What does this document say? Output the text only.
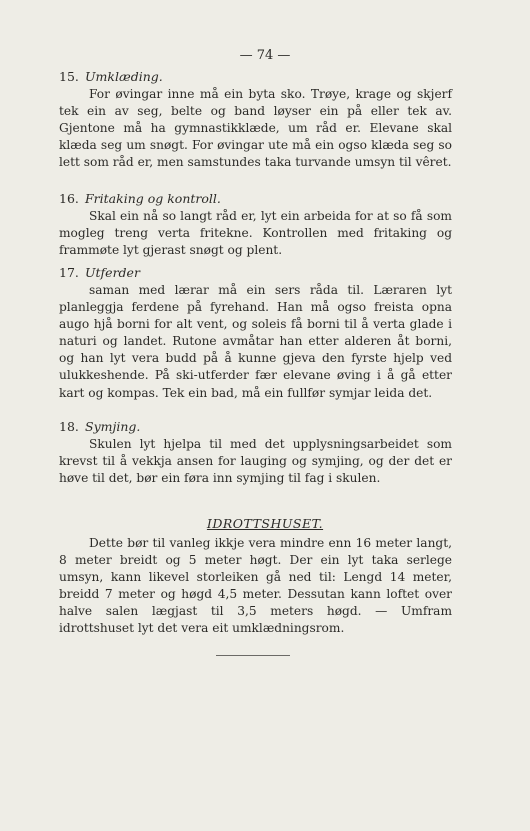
— 74 —

15. Umklæding.

For øvingar inne må ein byta sko. Trøye, krage og skjerf tek ein av seg, belte og band løyser ein på eller tek av. Gjentone må ha gymnastikklæde, um råd er. Elevane skal klæda seg um snøgt. For øvingar ute må ein ogso klæda seg so lett som råd er, men samstundes taka turvande umsyn til vêret.

16. Fritaking og kontroll.

Skal ein nå so langt råd er, lyt ein arbeida for at so få som mogleg treng verta fritekne. Kontrollen med fritaking og frammøte lyt gjerast snøgt og plent.

17. Utferder

saman med lærar må ein sers råda til. Læraren lyt planleggja ferdene på fyrehand. Han må ogso freista opna augo hjå borni for alt vent, og soleis få borni til å verta glade i naturi og landet. Rutone avmåtar han etter alderen åt borni, og han lyt vera budd på å kunne gjeva den fyrste hjelp ved ulukkeshende. På ski-utferder fær elevane øving i å gå etter kart og kompas. Tek ein bad, må ein fullfør symjar leida det.

18. Symjing.

Skulen lyt hjelpa til med det upplysningsarbeidet som krevst til å vekkja ansen for lauging og symjing, og der det er høve til det, bør ein føra inn symjing til fag i skulen.

IDROTTSHUSET.

Dette bør til vanleg ikkje vera mindre enn 16 meter langt, 8 meter breidt og 5 meter høgt. Der ein lyt taka serlege umsyn, kann likevel storleiken gå ned til: Lengd 14 meter, breidd 7 meter og høgd 4,5 meter. Dessutan kann loftet over halve salen lægjast til 3,5 meters høgd. — Umfram idrottshuset lyt det vera eit umklædningsrom.
